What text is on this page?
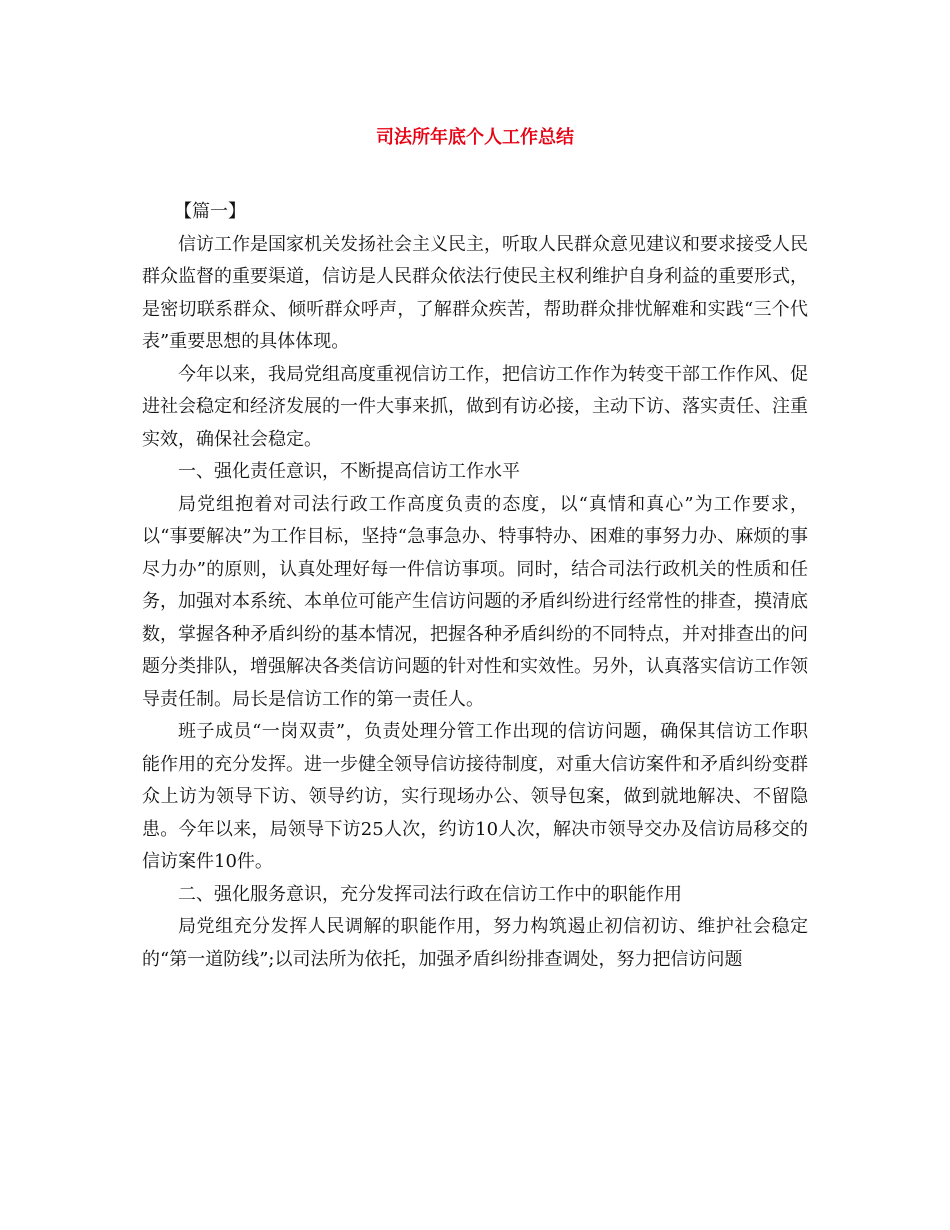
司法所年底个人工作总结

【篇一】

信访工作是国家机关发扬社会主义民主，听取人民群众意见建议和要求接受人民群众监督的重要渠道，信访是人民群众依法行使民主权利维护自身利益的重要形式，是密切联系群众、倾听群众呼声，了解群众疾苦，帮助群众排忧解难和实践“三个代表”重要思想的具体体现。

今年以来，我局党组高度重视信访工作，把信访工作作为转变干部工作作风、促进社会稳定和经济发展的一件大事来抓，做到有访必接，主动下访、落实责任、注重实效，确保社会稳定。

一、强化责任意识，不断提高信访工作水平

局党组抱着对司法行政工作高度负责的态度，以“真情和真心”为工作要求，以“事要解决”为工作目标，坚持“急事急办、特事特办、困难的事努力办、麻烦的事尽力办”的原则，认真处理好每一件信访事项。同时，结合司法行政机关的性质和任务，加强对本系统、本单位可能产生信访问题的矛盾纠纷进行经常性的排查，摸清底数，掌握各种矛盾纠纷的基本情况，把握各种矛盾纠纷的不同特点，并对排查出的问题分类排队，增强解决各类信访问题的针对性和实效性。另外，认真落实信访工作领导责任制。局长是信访工作的第一责任人。

班子成员“一岗双责”，负责处理分管工作出现的信访问题，确保其信访工作职能作用的充分发挥。进一步健全领导信访接待制度，对重大信访案件和矛盾纠纷变群众上访为领导下访、领导约访，实行现场办公、领导包案，做到就地解决、不留隐患。今年以来，局领导下访25人次，约访10人次，解决市领导交办及信访局移交的信访案件10件。

二、强化服务意识，充分发挥司法行政在信访工作中的职能作用

局党组充分发挥人民调解的职能作用，努力构筑遏止初信初访、维护社会稳定的“第一道防线”;以司法所为依托，加强矛盾纠纷排查调处，努力把信访问题
